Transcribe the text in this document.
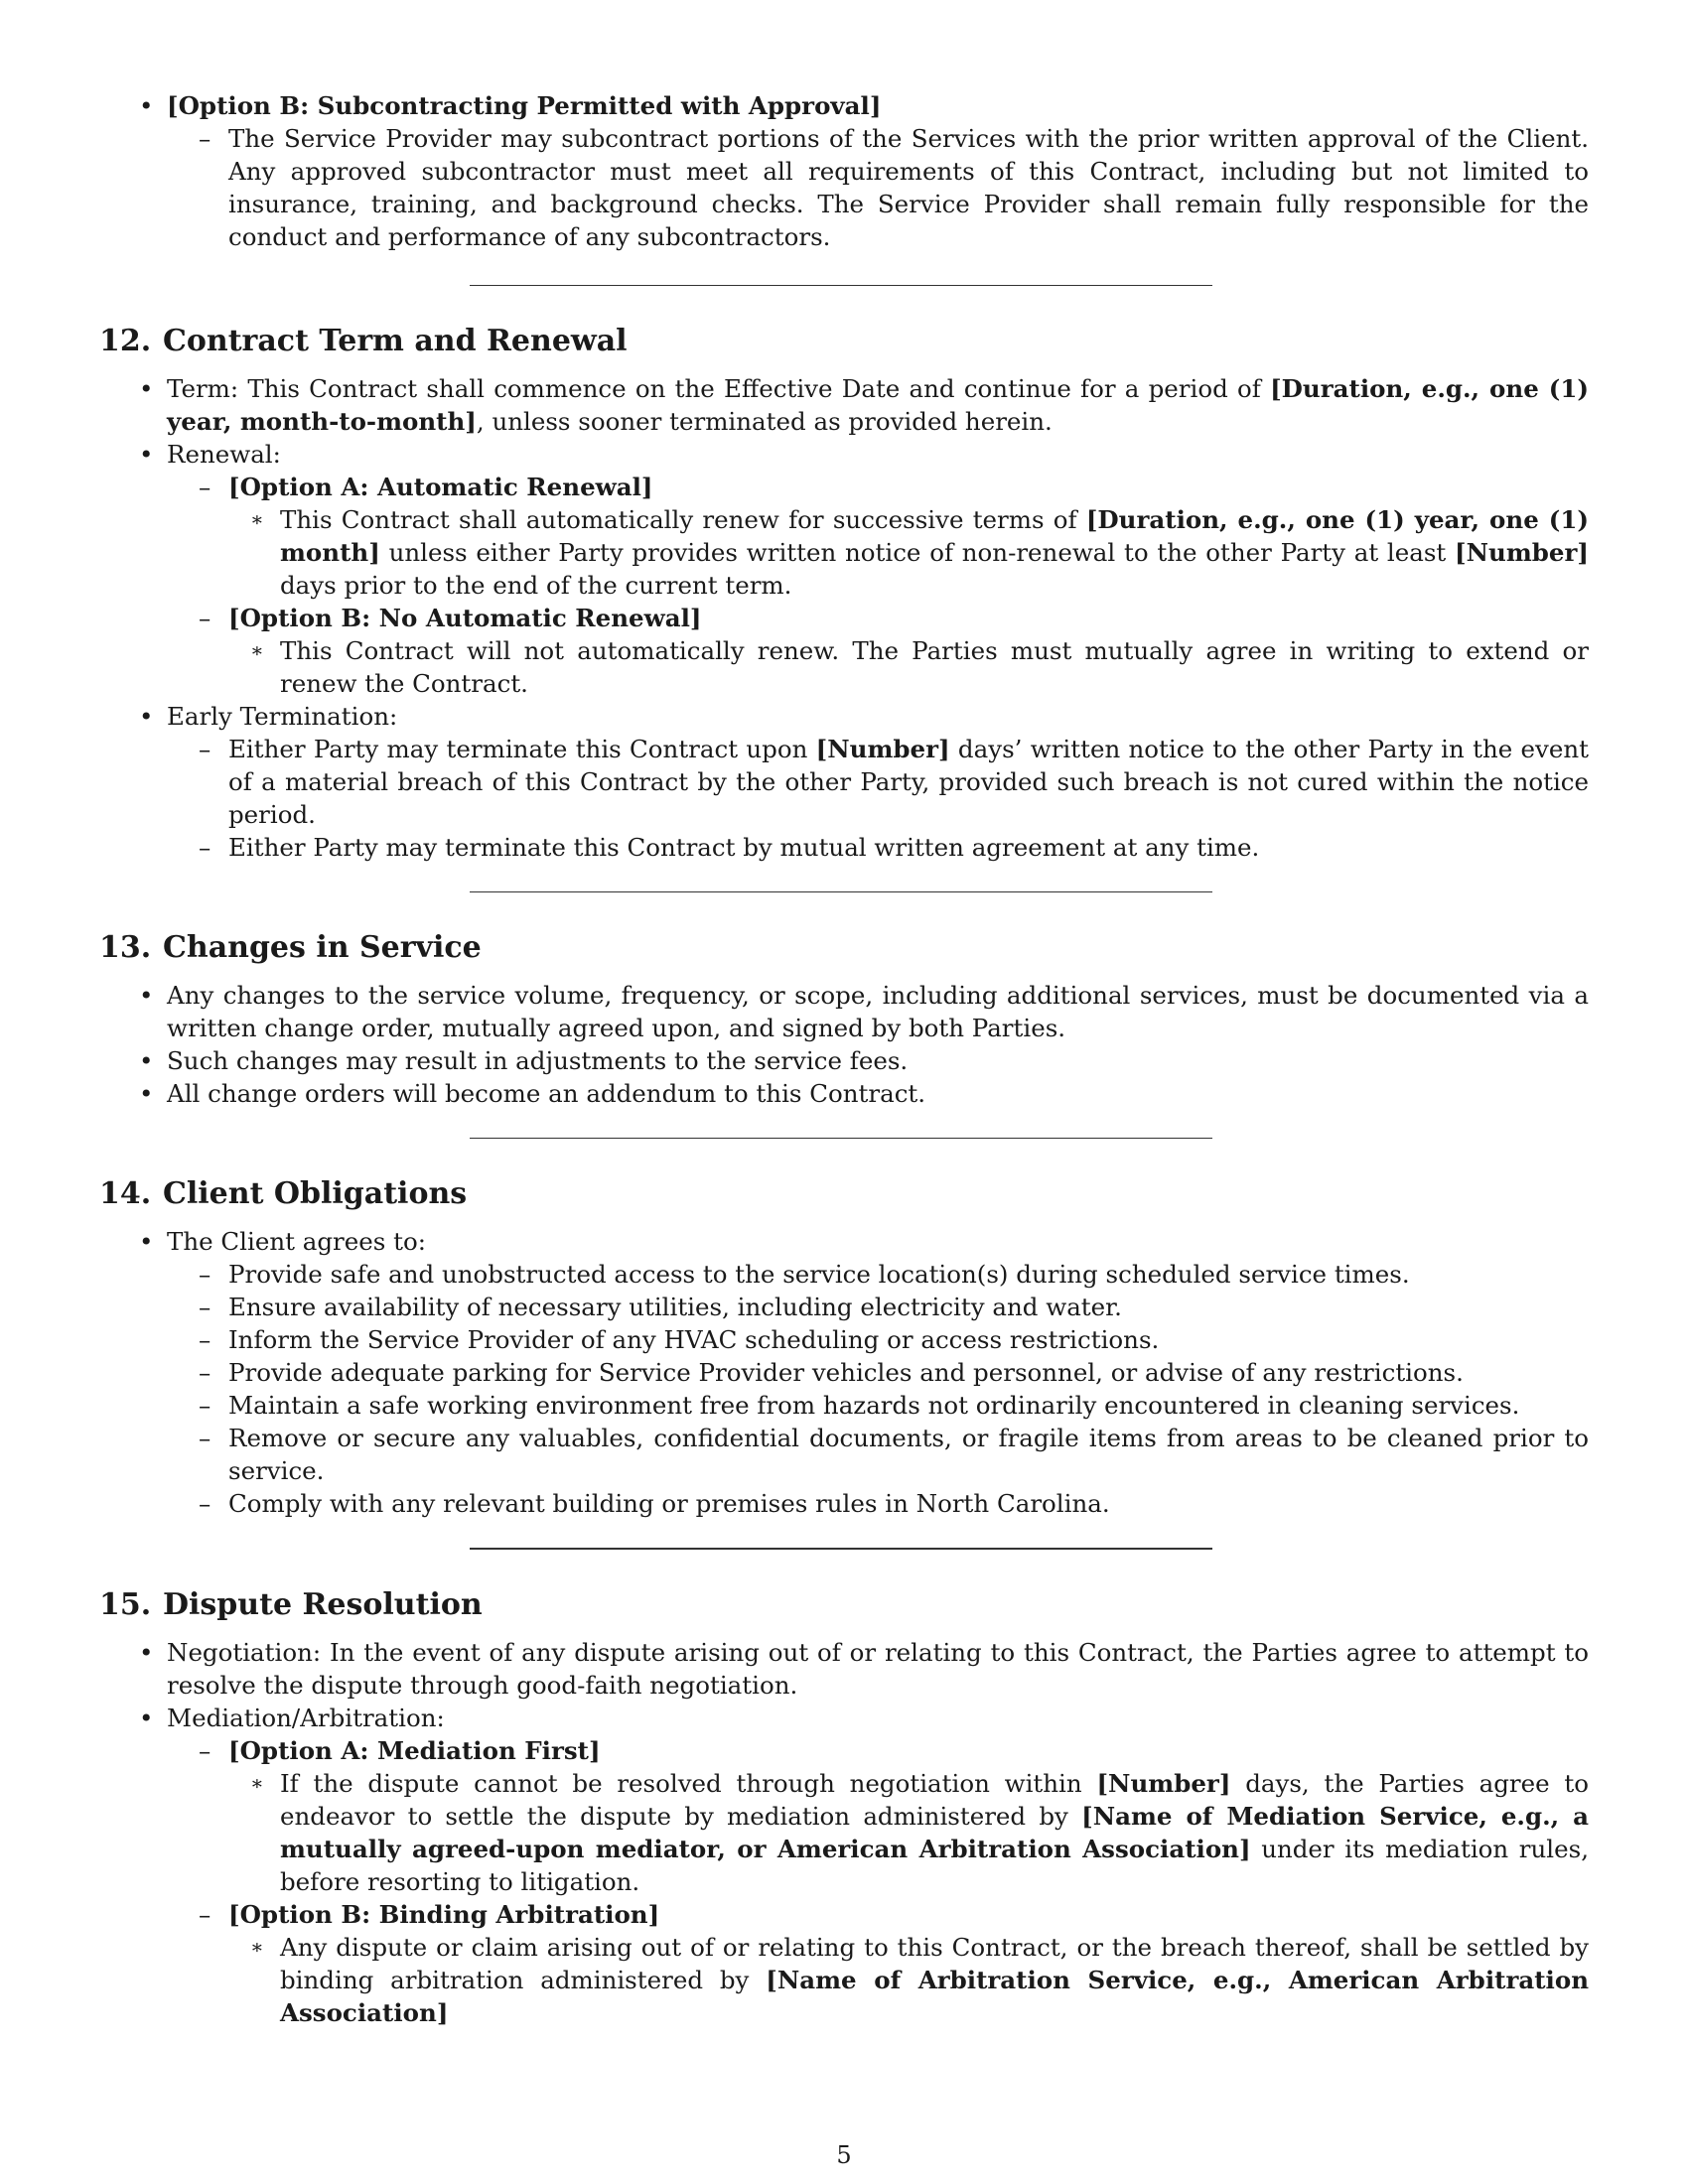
• [Option B: Subcontracting Permitted with Approval]
– The Service Provider may subcontract portions of the Services with the prior written approval of the Client. Any approved subcontractor must meet all requirements of this Contract, including but not limited to insurance, training, and background checks. The Service Provider shall remain fully responsible for the conduct and performance of any subcontractors.
12. Contract Term and Renewal
• Term: This Contract shall commence on the Effective Date and continue for a period of [Duration, e.g., one (1) year, month-to-month], unless sooner terminated as provided herein.
• Renewal:
– [Option A: Automatic Renewal]
∗ This Contract shall automatically renew for successive terms of [Duration, e.g., one (1) year, one (1) month] unless either Party provides written notice of non-renewal to the other Party at least [Number] days prior to the end of the current term.
– [Option B: No Automatic Renewal]
∗ This Contract will not automatically renew. The Parties must mutually agree in writing to extend or renew the Contract.
• Early Termination:
– Either Party may terminate this Contract upon [Number] days’ written notice to the other Party in the event of a material breach of this Contract by the other Party, provided such breach is not cured within the notice period.
– Either Party may terminate this Contract by mutual written agreement at any time.
13. Changes in Service
• Any changes to the service volume, frequency, or scope, including additional services, must be documented via a written change order, mutually agreed upon, and signed by both Parties.
• Such changes may result in adjustments to the service fees.
• All change orders will become an addendum to this Contract.
14. Client Obligations
• The Client agrees to:
– Provide safe and unobstructed access to the service location(s) during scheduled service times.
– Ensure availability of necessary utilities, including electricity and water.
– Inform the Service Provider of any HVAC scheduling or access restrictions.
– Provide adequate parking for Service Provider vehicles and personnel, or advise of any restrictions.
– Maintain a safe working environment free from hazards not ordinarily encountered in cleaning services.
– Remove or secure any valuables, confidential documents, or fragile items from areas to be cleaned prior to service.
– Comply with any relevant building or premises rules in North Carolina.
15. Dispute Resolution
• Negotiation: In the event of any dispute arising out of or relating to this Contract, the Parties agree to attempt to resolve the dispute through good-faith negotiation.
• Mediation/Arbitration:
– [Option A: Mediation First]
∗ If the dispute cannot be resolved through negotiation within [Number] days, the Parties agree to endeavor to settle the dispute by mediation administered by [Name of Mediation Service, e.g., a mutually agreed-upon mediator, or American Arbitration Association] under its mediation rules, before resorting to litigation.
– [Option B: Binding Arbitration]
∗ Any dispute or claim arising out of or relating to this Contract, or the breach thereof, shall be settled by binding arbitration administered by [Name of Arbitration Service, e.g., American Arbitration Association]
5
